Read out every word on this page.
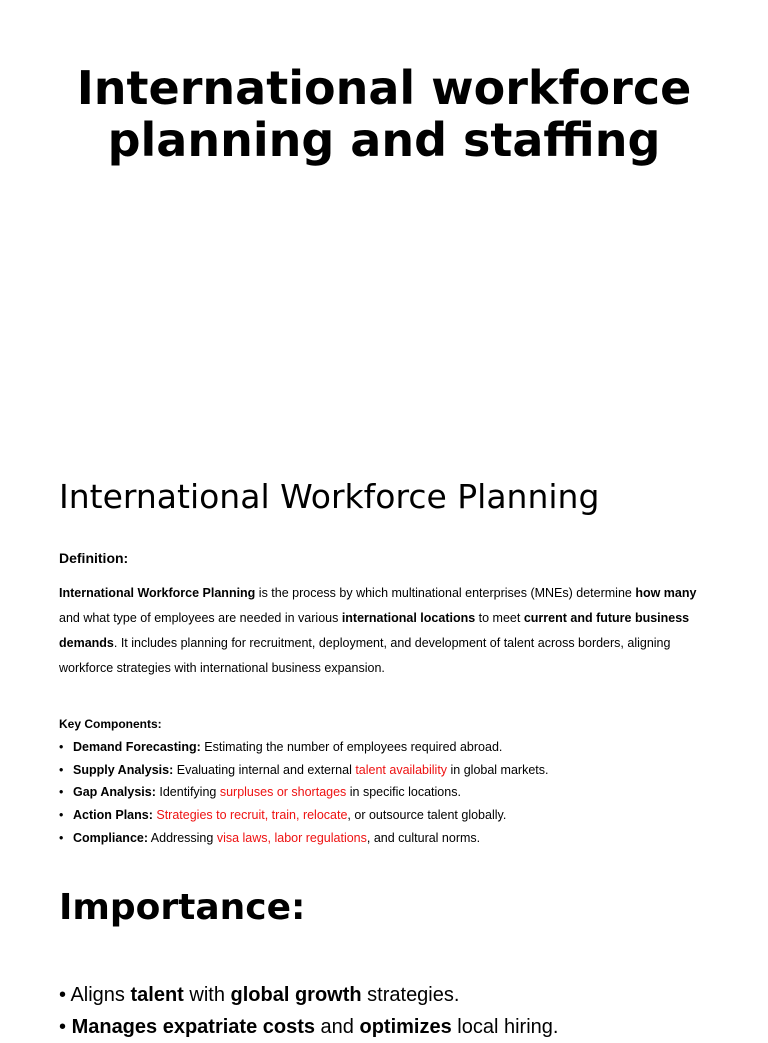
International workforce planning and staffing
International Workforce Planning

Definition:

International Workforce Planning is the process by which multinational enterprises (MNEs) determine how many and what type of employees are needed in various international locations to meet current and future business demands. It includes planning for recruitment, deployment, and development of talent across borders, aligning workforce strategies with international business expansion.

Key Components:

• Demand Forecasting: Estimating the number of employees required abroad.
• Supply Analysis: Evaluating internal and external talent availability in global markets.
• Gap Analysis: Identifying surpluses or shortages in specific locations.
• Action Plans: Strategies to recruit, train, relocate, or outsource talent globally.
• Compliance: Addressing visa laws, labor regulations, and cultural norms.
Importance:
• Aligns talent with global growth strategies.
• Manages expatriate costs and optimizes local hiring.
